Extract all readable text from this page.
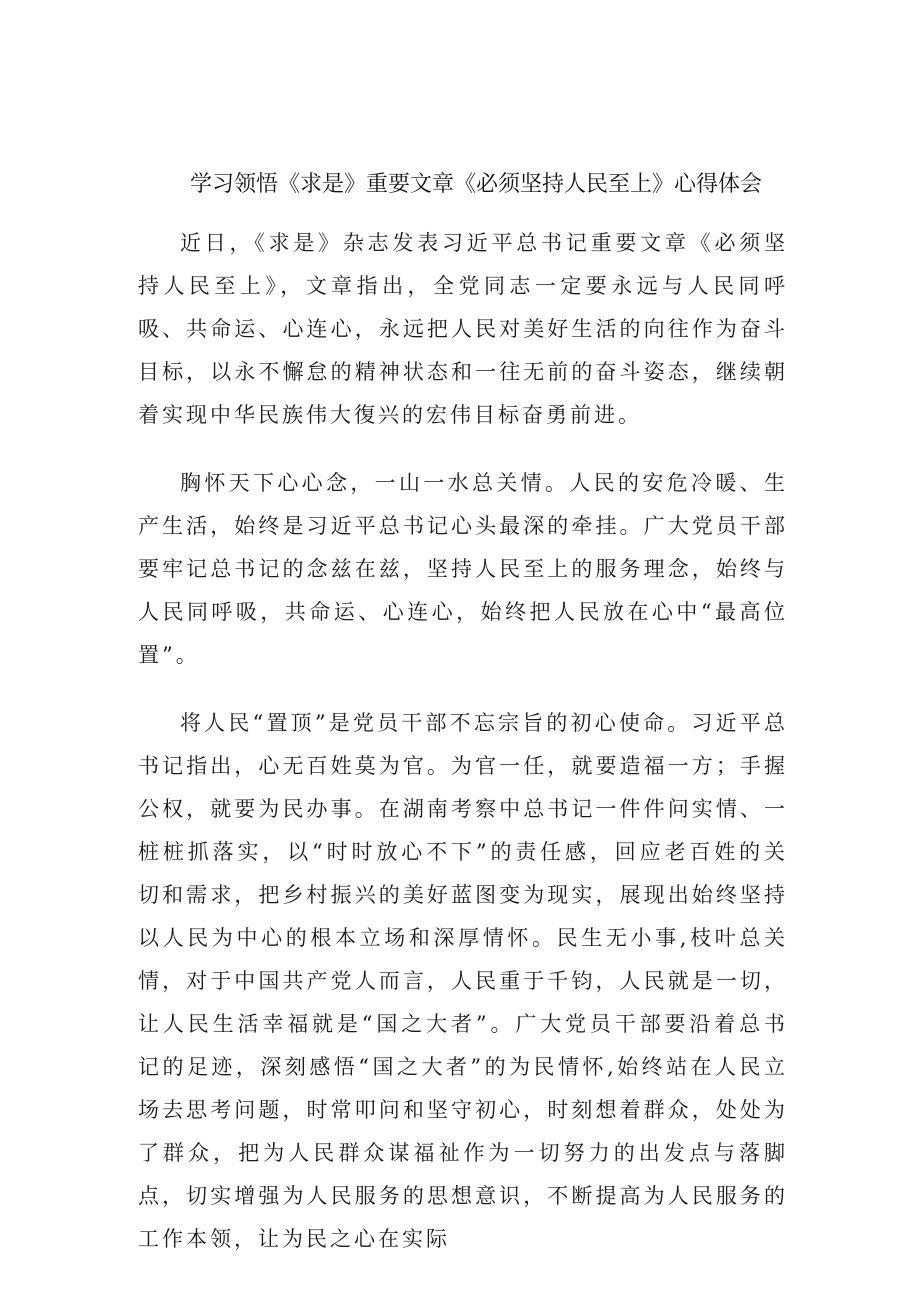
学习领悟《求是》重要文章《必须坚持人民至上》心得体会

近日，《求是》杂志发表习近平总书记重要文章《必须坚持人民至上》，文章指出，全党同志一定要永远与人民同呼吸、共命运、心连心，永远把人民对美好生活的向往作为奋斗目标，以永不懈怠的精神状态和一往无前的奋斗姿态，继续朝着实现中华民族伟大復兴的宏伟目标奋勇前进。

胸怀天下心心念，一山一水总关情。人民的安危冷暖、生产生活，始终是习近平总书记心头最深的牵挂。广大党员干部要牢记总书记的念兹在兹，坚持人民至上的服务理念，始终与人民同呼吸，共命运、心连心，始终把人民放在心中“最高位置”。

将人民“置顶”是党员干部不忘宗旨的初心使命。习近平总书记指出，心无百姓莫为官。为官一任，就要造福一方；手握公权，就要为民办事。在湖南考察中总书记一件件问实情、一桩桩抓落实，以“时时放心不下”的责任感，回应老百姓的关切和需求，把乡村振兴的美好蓝图变为现实，展现出始终坚持以人民为中心的根本立场和深厚情怀。民生无小事,枝叶总关情，对于中国共产党人而言，人民重于千钧，人民就是一切，让人民生活幸福就是“国之大者”。广大党员干部要沿着总书记的足迹，深刻感悟“国之大者”的为民情怀,始终站在人民立场去思考问题，时常叩问和坚守初心，时刻想着群众，处处为了群众，把为人民群众谋福祉作为一切努力的出发点与落脚点，切实增强为人民服务的思想意识，不断提高为人民服务的工作本领，让为民之心在实际
